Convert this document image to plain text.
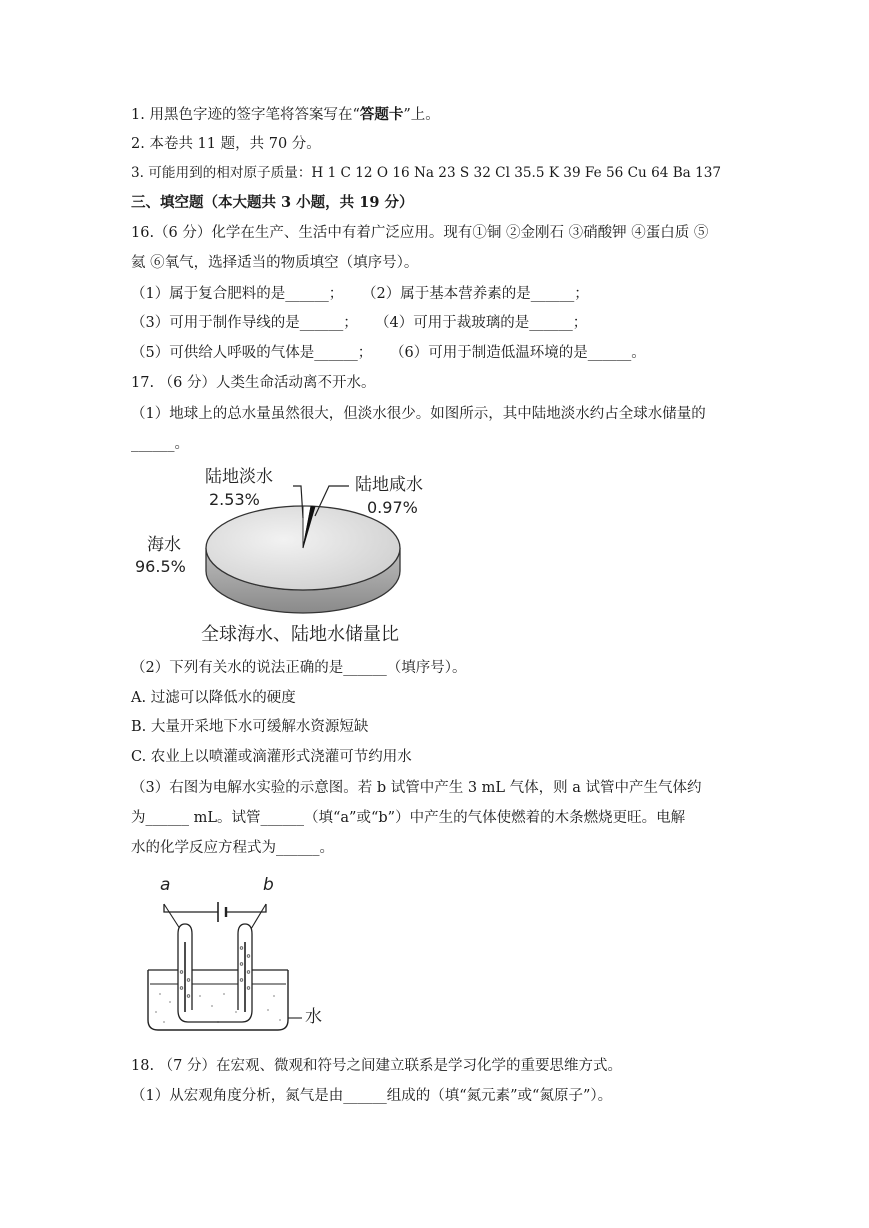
1. 用黑色字迹的签字笔将答案写在“答题卡”上。
2. 本卷共 11 题，共 70 分。
3. 可能用到的相对原子质量：H 1 C 12 O 16 Na 23 S 32 Cl 35.5 K 39 Fe 56 Cu 64 Ba 137
三、填空题（本大题共 3 小题，共 19 分）
16.（6 分）化学在生产、生活中有着广泛应用。现有①铜 ②金刚石 ③硝酸钾 ④蛋白质 ⑤
氦 ⑥氧气，选择适当的物质填空（填序号）。
（1）属于复合肥料的是______； （2）属于基本营养素的是______；
（3）可用于制作导线的是______； （4）可用于裁玻璃的是______；
（5）可供给人呼吸的气体是______； （6）可用于制造低温环境的是______。
17. （6 分）人类生命活动离不开水。
（1）地球上的总水量虽然很大，但淡水很少。如图所示，其中陆地淡水约占全球水储量的
______。
陆地淡水
2.53%
陆地咸水
0.97%
海水
96.5%
全球海水、陆地水储量比
（2）下列有关水的说法正确的是______（填序号）。
A. 过滤可以降低水的硬度
B. 大量开采地下水可缓解水资源短缺
C. 农业上以喷灌或滴灌形式浇灌可节约用水
（3）右图为电解水实验的示意图。若 b 试管中产生 3 mL 气体，则 a 试管中产生气体约
为______ mL。试管______（填“a”或“b”）中产生的气体使燃着的木条燃烧更旺。电解
水的化学反应方程式为______。
a	b
水
18. （7 分）在宏观、微观和符号之间建立联系是学习化学的重要思维方式。
（1）从宏观角度分析，氮气是由______组成的（填“氮元素”或“氮原子”）。
